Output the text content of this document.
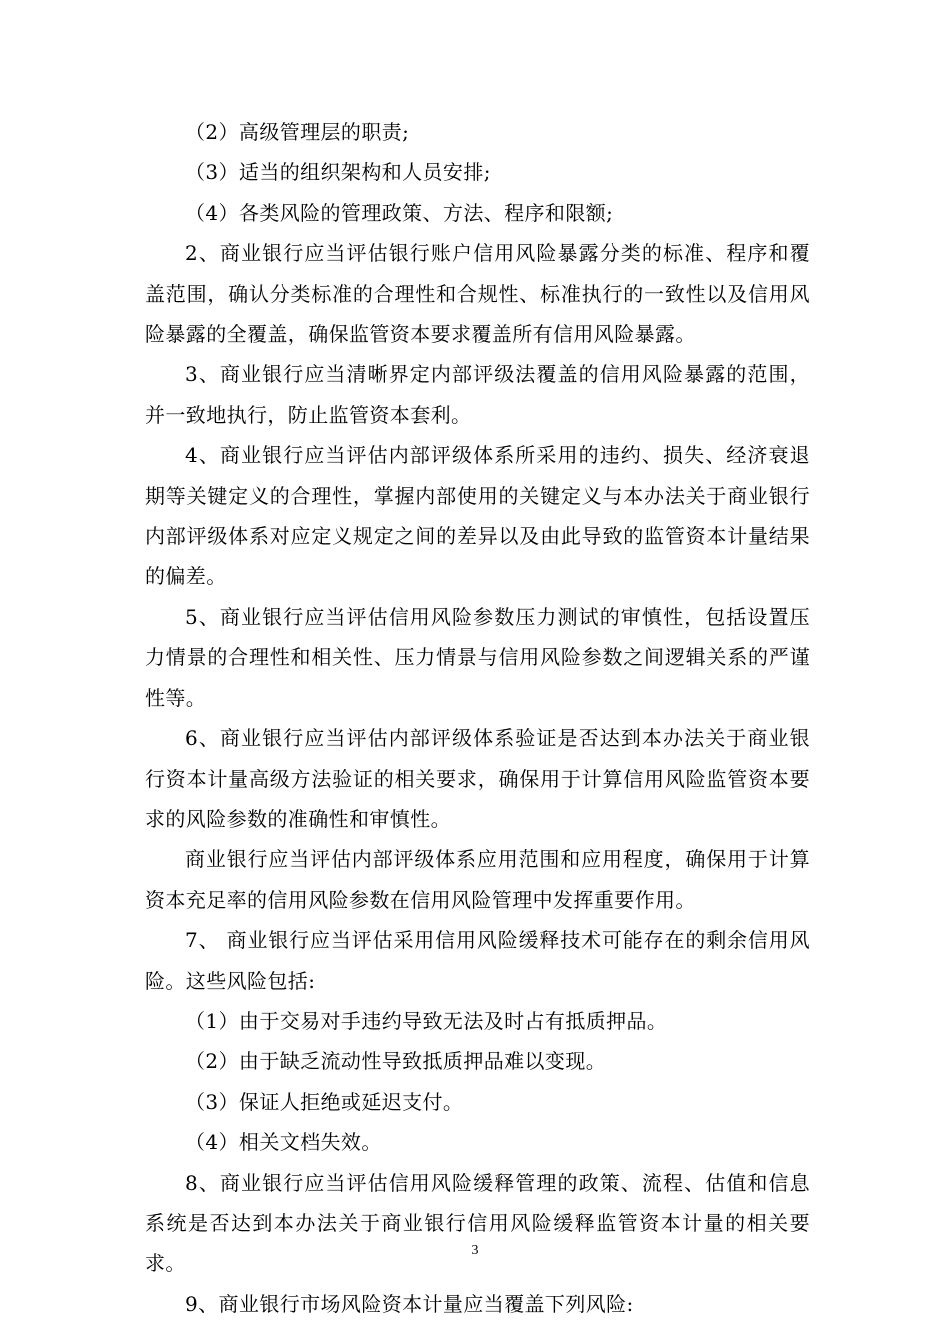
（2）高级管理层的职责;

（3）适当的组织架构和人员安排;

（4）各类风险的管理政策、方法、程序和限额;

2、商业银行应当评估银行账户信用风险暴露分类的标准、程序和覆盖范围，确认分类标准的合理性和合规性、标准执行的一致性以及信用风险暴露的全覆盖，确保监管资本要求覆盖所有信用风险暴露。

3、商业银行应当清晰界定内部评级法覆盖的信用风险暴露的范围，并一致地执行，防止监管资本套利。

4、商业银行应当评估内部评级体系所采用的违约、损失、经济衰退期等关键定义的合理性，掌握内部使用的关键定义与本办法关于商业银行内部评级体系对应定义规定之间的差异以及由此导致的监管资本计量结果的偏差。

5、商业银行应当评估信用风险参数压力测试的审慎性，包括设置压力情景的合理性和相关性、压力情景与信用风险参数之间逻辑关系的严谨性等。

6、商业银行应当评估内部评级体系验证是否达到本办法关于商业银行资本计量高级方法验证的相关要求，确保用于计算信用风险监管资本要求的风险参数的准确性和审慎性。

商业银行应当评估内部评级体系应用范围和应用程度，确保用于计算资本充足率的信用风险参数在信用风险管理中发挥重要作用。

7、 商业银行应当评估采用信用风险缓释技术可能存在的剩余信用风险。这些风险包括:

（1）由于交易对手违约导致无法及时占有抵质押品。

（2）由于缺乏流动性导致抵质押品难以变现。

（3）保证人拒绝或延迟支付。

（4）相关文档失效。

8、商业银行应当评估信用风险缓释管理的政策、流程、估值和信息系统是否达到本办法关于商业银行信用风险缓释监管资本计量的相关要求。

9、商业银行市场风险资本计量应当覆盖下列风险:

3
